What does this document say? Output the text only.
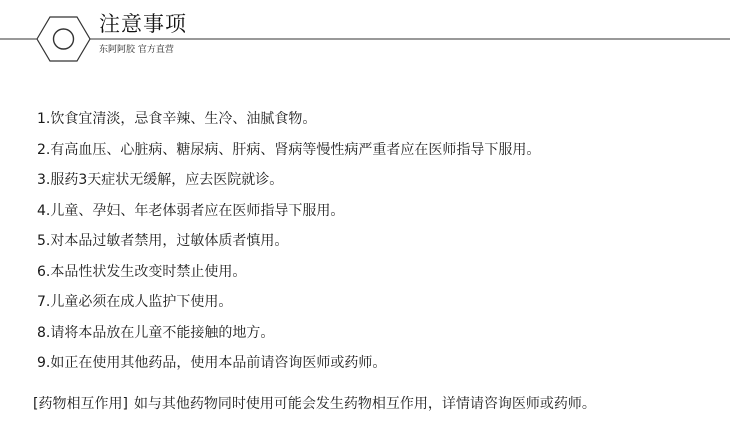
注意事项
东阿阿胶 官方直营
1.饮食宜清淡，忌食辛辣、生冷、油腻食物。
2.有高血压、心脏病、糖尿病、肝病、肾病等慢性病严重者应在医师指导下服用。
3.服药3天症状无缓解，应去医院就诊。
4.儿童、孕妇、年老体弱者应在医师指导下服用。
5.对本品过敏者禁用，过敏体质者慎用。
6.本品性状发生改变时禁止使用。
7.儿童必须在成人监护下使用。
8.请将本品放在儿童不能接触的地方。
9.如正在使用其他药品，使用本品前请咨询医师或药师。
[药物相互作用] 如与其他药物同时使用可能会发生药物相互作用，详情请咨询医师或药师。
